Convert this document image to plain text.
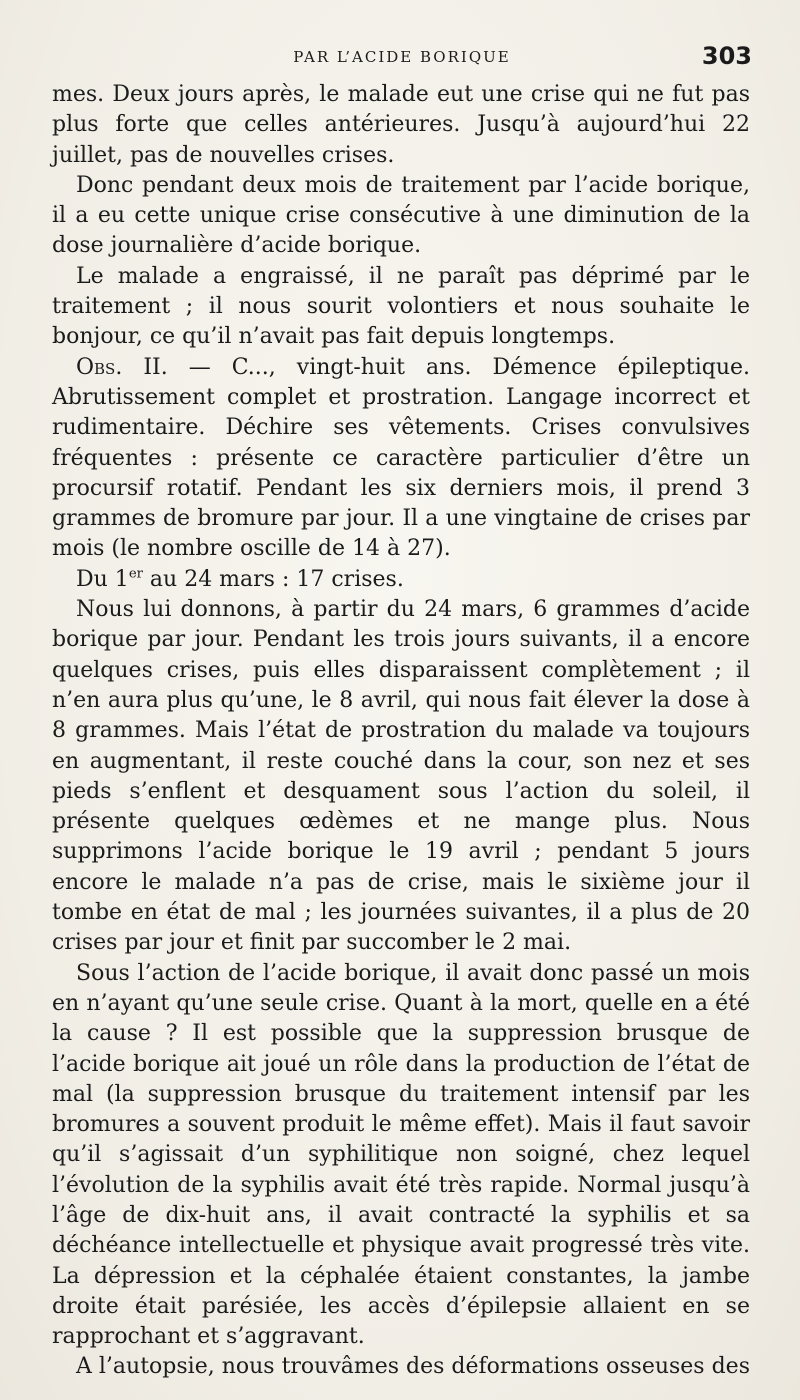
PAR L’ACIDE BORIQUE	303

mes. Deux jours après, le malade eut une crise qui ne fut pas plus forte que celles antérieures. Jusqu’à aujourd’hui 22 juillet, pas de nouvelles crises.

Donc pendant deux mois de traitement par l’acide borique, il a eu cette unique crise consécutive à une diminution de la dose journalière d’acide borique.

Le malade a engraissé, il ne paraît pas déprimé par le traitement ; il nous sourit volontiers et nous souhaite le bonjour, ce qu’il n’avait pas fait depuis longtemps.

Obs. II. — C..., vingt-huit ans. Démence épileptique. Abrutissement complet et prostration. Langage incorrect et rudimentaire. Déchire ses vêtements. Crises convulsives fréquentes : présente ce caractère particulier d’être un procursif rotatif. Pendant les six derniers mois, il prend 3 grammes de bromure par jour. Il a une vingtaine de crises par mois (le nombre oscille de 14 à 27).

Du 1er au 24 mars : 17 crises.

Nous lui donnons, à partir du 24 mars, 6 grammes d’acide borique par jour. Pendant les trois jours suivants, il a encore quelques crises, puis elles disparaissent complètement ; il n’en aura plus qu’une, le 8 avril, qui nous fait élever la dose à 8 grammes. Mais l’état de prostration du malade va toujours en augmentant, il reste couché dans la cour, son nez et ses pieds s’enflent et desquament sous l’action du soleil, il présente quelques œdèmes et ne mange plus. Nous supprimons l’acide borique le 19 avril ; pendant 5 jours encore le malade n’a pas de crise, mais le sixième jour il tombe en état de mal ; les journées suivantes, il a plus de 20 crises par jour et finit par succomber le 2 mai.

Sous l’action de l’acide borique, il avait donc passé un mois en n’ayant qu’une seule crise. Quant à la mort, quelle en a été la cause ? Il est possible que la suppression brusque de l’acide borique ait joué un rôle dans la production de l’état de mal (la suppression brusque du traitement intensif par les bromures a souvent produit le même effet). Mais il faut savoir qu’il s’agissait d’un syphilitique non soigné, chez lequel l’évolution de la syphilis avait été très rapide. Normal jusqu’à l’âge de dix-huit ans, il avait contracté la syphilis et sa déchéance intellectuelle et physique avait progressé très vite. La dépression et la céphalée étaient constantes, la jambe droite était parésiée, les accès d’épilepsie allaient en se rapprochant et s’aggravant.

A l’autopsie, nous trouvâmes des déformations osseuses des
